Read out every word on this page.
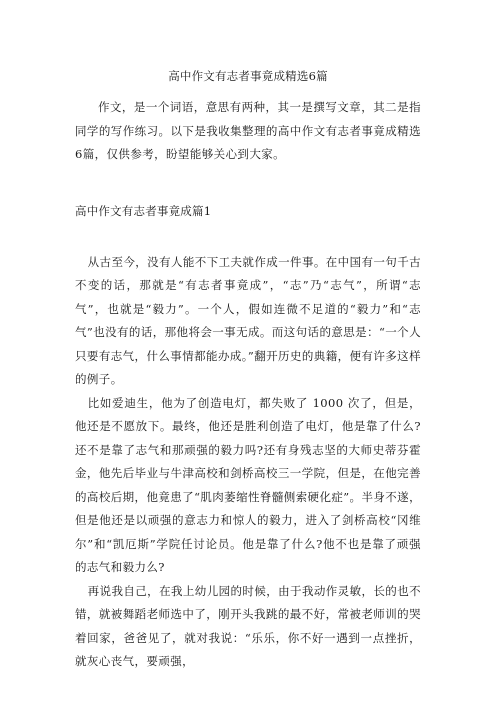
高中作文有志者事竟成精选6篇

作文，是一个词语，意思有两种，其一是撰写文章，其二是指同学的写作练习。以下是我收集整理的高中作文有志者事竟成精选6篇，仅供参考，盼望能够关心到大家。

高中作文有志者事竟成篇1

从古至今，没有人能不下工夫就作成一件事。在中国有一句千古不变的话，那就是“有志者事竟成”，“志”乃“志气”，所谓“志气”，也就是“毅力”。一个人，假如连微不足道的“毅力”和“志气”也没有的话，那他将会一事无成。而这句话的意思是：“一个人只要有志气，什么事情都能办成。”翻开历史的典籍，便有许多这样的例子。

比如爱迪生，他为了创造电灯，都失败了 1000 次了，但是，他还是不愿放下。最终，他还是胜利创造了电灯，他是靠了什么?还不是靠了志气和那顽强的毅力吗?还有身残志坚的大师史蒂芬霍金，他先后毕业与牛津高校和剑桥高校三一学院，但是，在他完善的高校后期，他竟患了“肌肉萎缩性脊髓侧索硬化症”。半身不遂，但是他还是以顽强的意志力和惊人的毅力，进入了剑桥高校“冈维尔”和“凯厄斯”学院任讨论员。他是靠了什么?他不也是靠了顽强的志气和毅力么?

再说我自己，在我上幼儿园的时候，由于我动作灵敏，长的也不错，就被舞蹈老师选中了，刚开头我跳的最不好，常被老师训的哭着回家，爸爸见了，就对我说：“乐乐，你不好一遇到一点挫折，就灰心丧气，要顽强，
